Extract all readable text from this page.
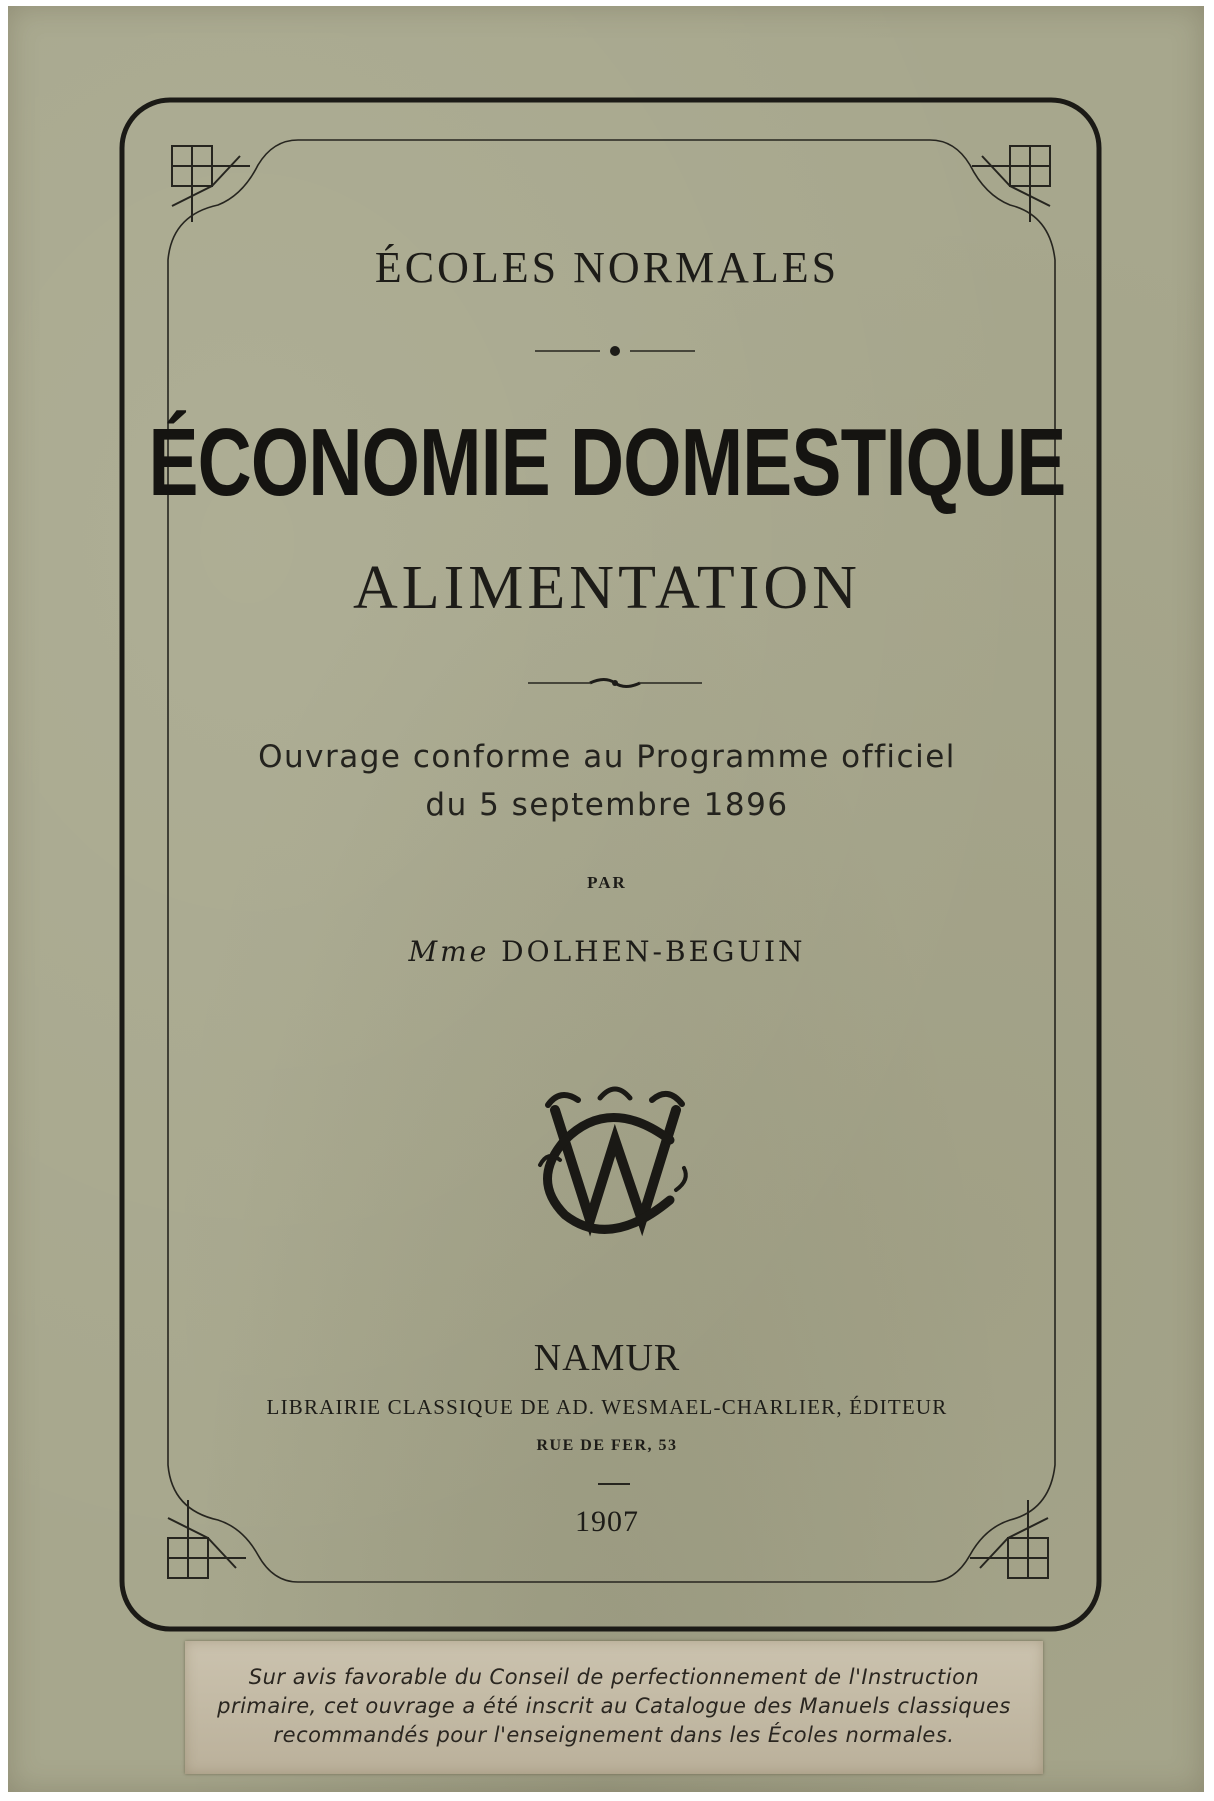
ÉCOLES NORMALES
ÉCONOMIE DOMESTIQUE
ALIMENTATION
Ouvrage conforme au Programme officiel
du 5 septembre 1896
PAR
Mme DOLHEN-BEGUIN
NAMUR
LIBRAIRIE CLASSIQUE DE AD. WESMAEL-CHARLIER, ÉDITEUR
RUE DE FER, 53
1907
Sur avis favorable du Conseil de perfectionnement de l'Instruction
primaire, cet ouvrage a été inscrit au Catalogue des Manuels classiques
recommandés pour l'enseignement dans les Écoles normales.
